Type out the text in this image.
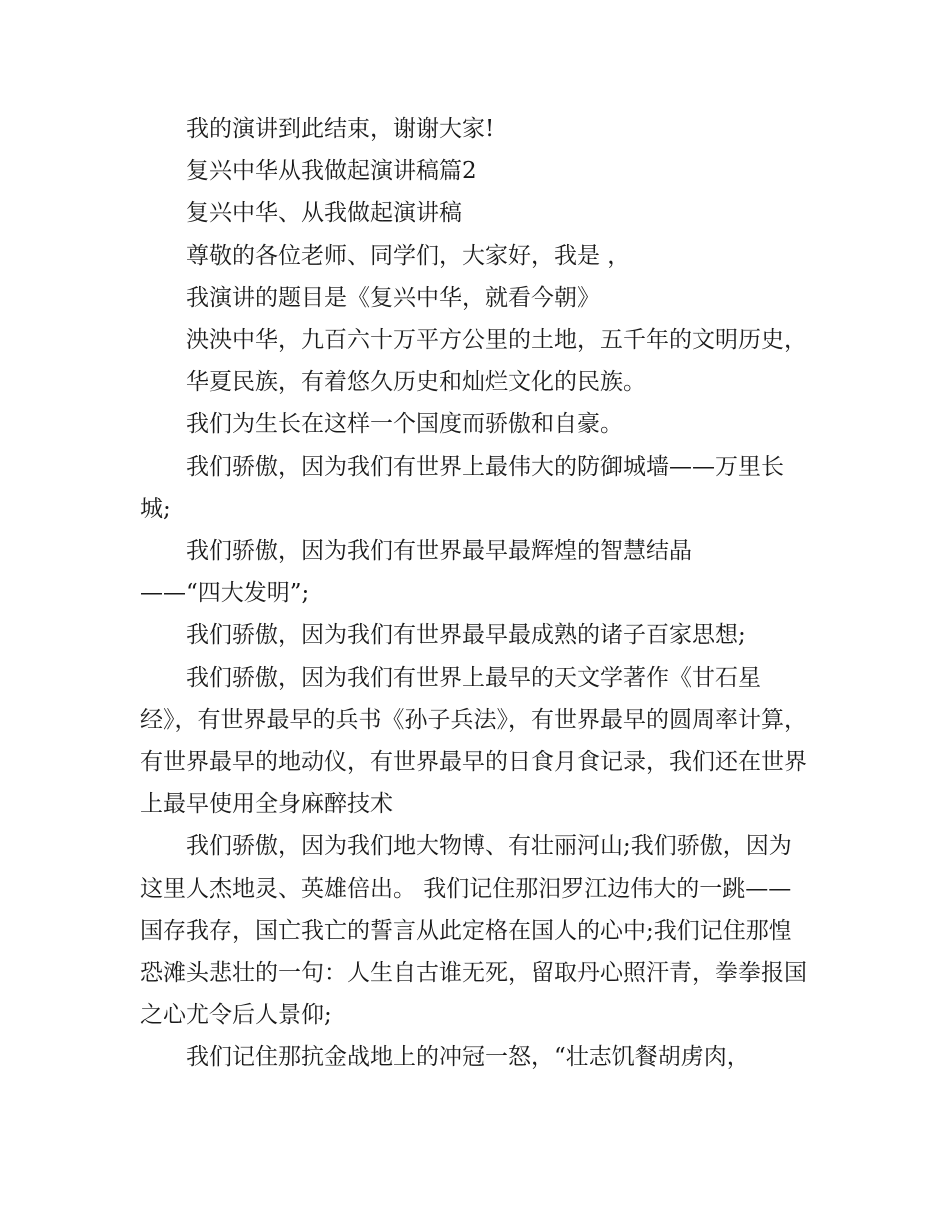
我的演讲到此结束，谢谢大家!

复兴中华从我做起演讲稿篇2

复兴中华、从我做起演讲稿

尊敬的各位老师、同学们，大家好，我是 ，

我演讲的题目是《复兴中华，就看今朝》

泱泱中华，九百六十万平方公里的土地，五千年的文明历史，

华夏民族，有着悠久历史和灿烂文化的民族。

我们为生长在这样一个国度而骄傲和自豪。

我们骄傲，因为我们有世界上最伟大的防御城墙——万里长城;

我们骄傲，因为我们有世界最早最辉煌的智慧结晶

——“四大发明”;

我们骄傲，因为我们有世界最早最成熟的诸子百家思想;

我们骄傲，因为我们有世界上最早的天文学著作《甘石星经》，有世界最早的兵书《孙子兵法》，有世界最早的圆周率计算，有世界最早的地动仪，有世界最早的日食月食记录，我们还在世界上最早使用全身麻醉技术

我们骄傲，因为我们地大物博、有壮丽河山;我们骄傲，因为这里人杰地灵、英雄倍出。 我们记住那汨罗江边伟大的一跳——国存我存，国亡我亡的誓言从此定格在国人的心中;我们记住那惶恐滩头悲壮的一句：人生自古谁无死，留取丹心照汗青，拳拳报国之心尤令后人景仰;

我们记住那抗金战地上的冲冠一怒，“壮志饥餐胡虏肉，
